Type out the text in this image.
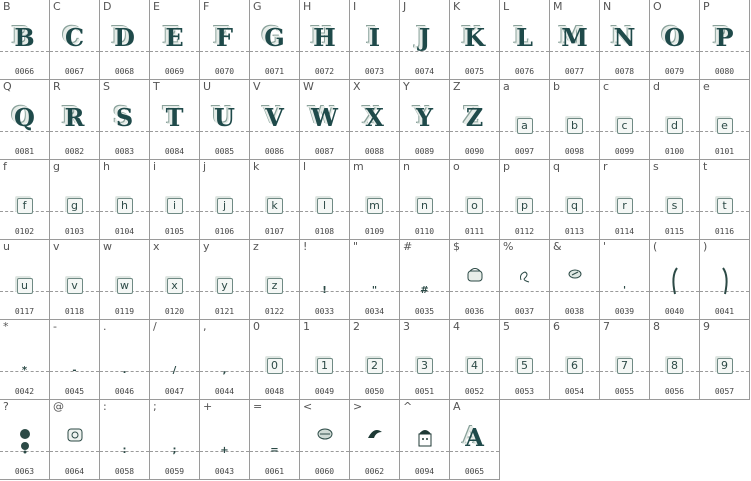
B
B
0066
C
C
0067
D
D
0068
E
E
0069
F
F
0070
G
G
0071
H
H
0072
I
I
0073
J
J
0074
K
K
0075
L
L
0076
M
M
0077
N
N
0078
O
O
0079
P
P
0080
Q
Q
0081
R
R
0082
S
S
0083
T
T
0084
U
U
0085
V
V
0086
W
W
0087
X
X
0088
Y
Y
0089
Z
Z
0090
a
a
0097
b
b
0098
c
c
0099
d
d
0100
e
e
0101
f
f
0102
g
g
0103
h
h
0104
i
i
0105
j
j
0106
k
k
0107
l
l
0108
m
m
0109
n
n
0110
o
o
0111
p
p
0112
q
q
0113
r
r
0114
s
s
0115
t
t
0116
u
u
0117
v
v
0118
w
w
0119
x
x
0120
y
y
0121
z
z
0122
!
!
0033
"
"
0034
#
#
0035
$
0036
%
0037
&
0038
'
'
0039
(
0040
)
0041
*
*
0042
-
-
0045
.
.
0046
/
/
0047
,
,
0044
0
0
0048
1
1
0049
2
2
0050
3
3
0051
4
4
0052
5
5
0053
6
6
0054
7
7
0055
8
8
0056
9
9
0057
?
0063
@
0064
:
:
0058
;
;
0059
+
+
0043
=
=
0061
<
0060
>
0062
^
0094
A
A
0065
